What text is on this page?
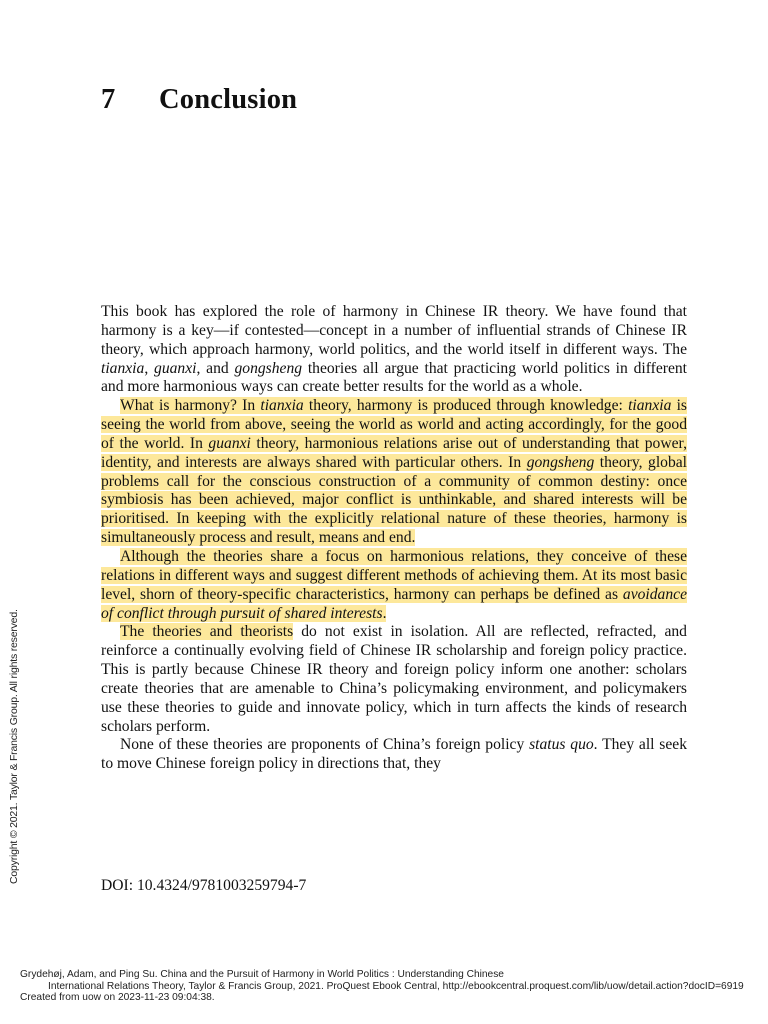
7 Conclusion

This book has explored the role of harmony in Chinese IR theory. We have found that harmony is a key—if contested—concept in a number of influential strands of Chinese IR theory, which approach harmony, world politics, and the world itself in different ways. The tianxia, guanxi, and gongsheng theories all argue that practicing world politics in different and more harmonious ways can create better results for the world as a whole.

What is harmony? In tianxia theory, harmony is produced through knowledge: tianxia is seeing the world from above, seeing the world as world and acting accordingly, for the good of the world. In guanxi theory, harmonious relations arise out of understanding that power, identity, and interests are always shared with particular others. In gongsheng theory, global problems call for the conscious construction of a community of common destiny: once symbiosis has been achieved, major conflict is unthinkable, and shared interests will be prioritised. In keeping with the explicitly relational nature of these theories, harmony is simultaneously process and result, means and end.

Although the theories share a focus on harmonious relations, they conceive of these relations in different ways and suggest different methods of achieving them. At its most basic level, shorn of theory-specific characteristics, harmony can perhaps be defined as avoidance of conflict through pursuit of shared interests.

The theories and theorists do not exist in isolation. All are reflected, refracted, and reinforce a continually evolving field of Chinese IR scholarship and foreign policy practice. This is partly because Chinese IR theory and foreign policy inform one another: scholars create theories that are amenable to China’s policymaking environment, and policymakers use these theories to guide and innovate policy, which in turn affects the kinds of research scholars perform.

None of these theories are proponents of China’s foreign policy status quo. They all seek to move Chinese foreign policy in directions that, they

DOI: 10.4324/9781003259794-7
Copyright © 2021. Taylor & Francis Group. All rights reserved.
Grydehøj, Adam, and Ping Su. China and the Pursuit of Harmony in World Politics : Understanding Chinese
International Relations Theory, Taylor & Francis Group, 2021. ProQuest Ebook Central, http://ebookcentral.proquest.com/lib/uow/detail.action?docID=6919
Created from uow on 2023-11-23 09:04:38.
